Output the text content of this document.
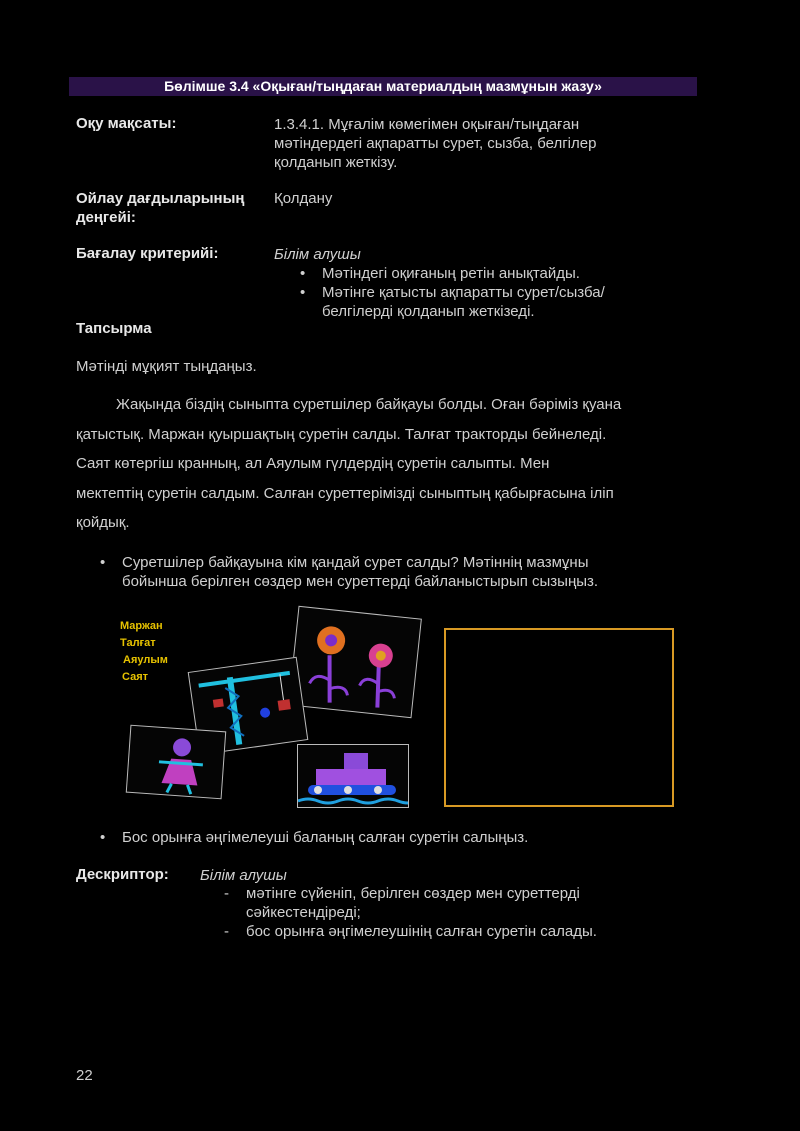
Бөлімше 3.4 «Оқыған/тыңдаған материалдың мазмұнын жазу»
Оқу мақсаты:	1.3.4.1. Мұғалім көмегімен оқыған/тыңдаған
мәтіндердегі ақпаратты сурет, сызба, белгілер
қолданып жеткізу.
Ойлау дағдыларының
деңгейі:
Қолдану
Бағалау критерийі:	Білім алушы
•	Мәтіндегі оқиғаның ретін анықтайды.
•	Мәтінге қатысты ақпаратты сурет/сызба/
белгілерді қолданып жеткізеді.
Тапсырма
Мәтінді мұқият тыңдаңыз.
Жақында біздің сыныпта суретшілер байқауы болды. Оған бәріміз қуана
қатыстық. Маржан қуыршақтың суретін салды. Талғат тракторды бейнеледі.
Саят көтергіш кранның, ал Аяулым гүлдердің суретін салыпты. Мен
мектептің суретін салдым. Салған суреттерімізді сыныптың қабырғасына іліп
қойдық.
•	Суретшілер байқауына кім қандай сурет салды? Мәтіннің мазмұны
бойынша берілген сөздер мен суреттерді байланыстырып сызыңыз.
Маржан
Талғат
Аяулым
Саят
•	Бос орынға әңгімелеуші баланың салған суретін салыңыз.
Дескриптор: Білім алушы
-	мәтінге сүйеніп, берілген сөздер мен суреттерді
сәйкестендіреді;
-	бос орынға әңгімелеушінің салған суретін салады.
22
